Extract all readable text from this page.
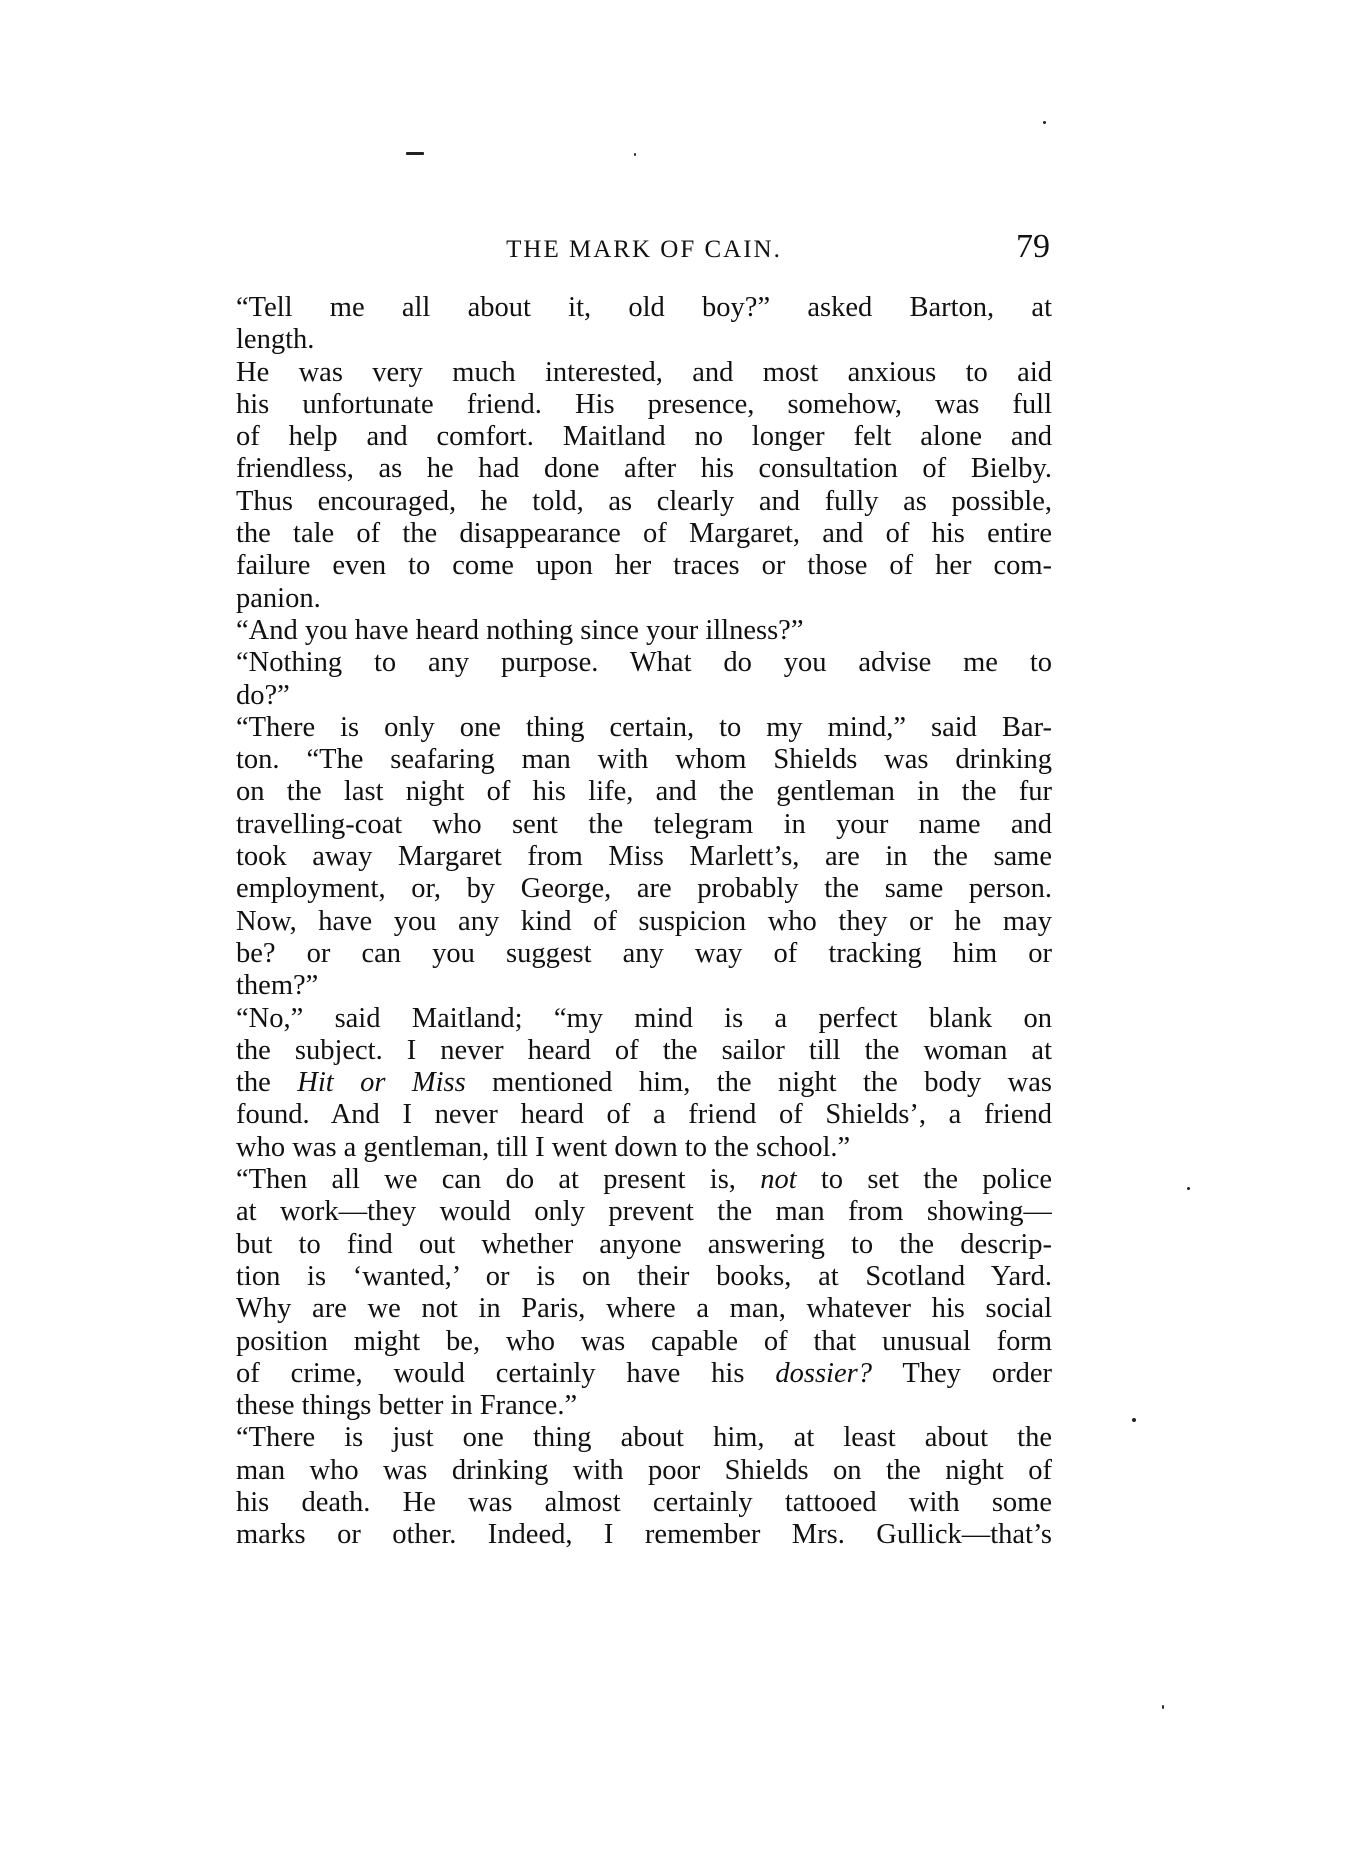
THE MARK OF CAIN.	79

“Tell me all about it, old boy?” asked Barton, at
length.

He was very much interested, and most anxious to aid
his unfortunate friend. His presence, somehow, was full
of help and comfort. Maitland no longer felt alone and
friendless, as he had done after his consultation of Bielby.
Thus encouraged, he told, as clearly and fully as possible,
the tale of the disappearance of Margaret, and of his entire
failure even to come upon her traces or those of her com-
panion.

“And you have heard nothing since your illness?”

“Nothing to any purpose. What do you advise me to
do?”

“There is only one thing certain, to my mind,” said Bar-
ton. “The seafaring man with whom Shields was drinking
on the last night of his life, and the gentleman in the fur
travelling-coat who sent the telegram in your name and
took away Margaret from Miss Marlett’s, are in the same
employment, or, by George, are probably the same person.
Now, have you any kind of suspicion who they or he may
be? or can you suggest any way of tracking him or
them?”

“No,” said Maitland; “my mind is a perfect blank on
the subject. I never heard of the sailor till the woman at
the Hit or Miss mentioned him, the night the body was
found. And I never heard of a friend of Shields’, a friend
who was a gentleman, till I went down to the school.”

“Then all we can do at present is, not to set the police
at work—they would only prevent the man from showing—
but to find out whether anyone answering to the descrip-
tion is ‘wanted,’ or is on their books, at Scotland Yard.
Why are we not in Paris, where a man, whatever his social
position might be, who was capable of that unusual form
of crime, would certainly have his dossier? They order
these things better in France.”

“There is just one thing about him, at least about the
man who was drinking with poor Shields on the night of
his death. He was almost certainly tattooed with some
marks or other. Indeed, I remember Mrs. Gullick—that’s
